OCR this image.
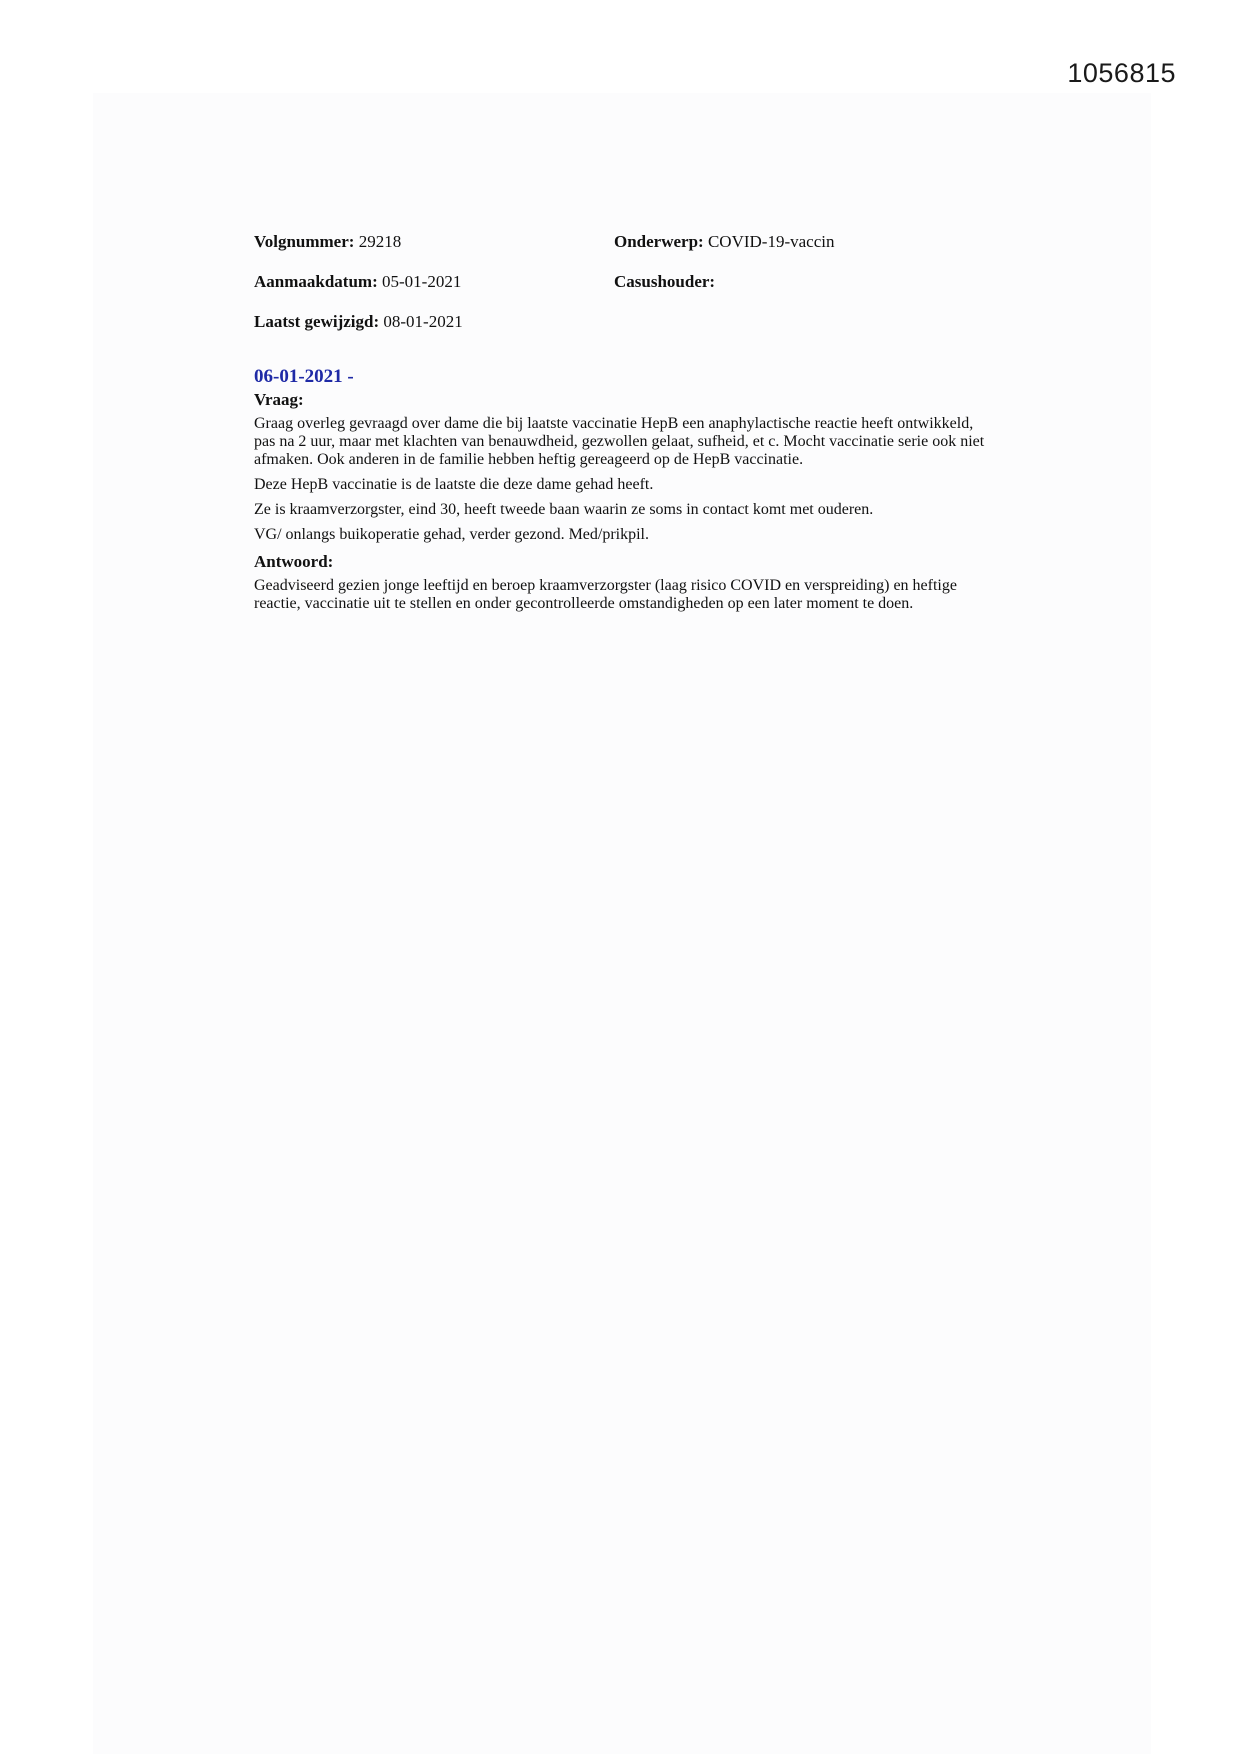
1056815
Volgnummer: 29218	Onderwerp: COVID-19-vaccin
Aanmaakdatum: 05-01-2021	Casushouder:
Laatst gewijzigd: 08-01-2021

06-01-2021 -

Vraag:

Graag overleg gevraagd over dame die bij laatste vaccinatie HepB een anaphylactische reactie heeft ontwikkeld, pas na 2 uur, maar met klachten van benauwdheid, gezwollen gelaat, sufheid, et c. Mocht vaccinatie serie ook niet afmaken. Ook anderen in de familie hebben heftig gereageerd op de HepB vaccinatie.

Deze HepB vaccinatie is de laatste die deze dame gehad heeft.

Ze is kraamverzorgster, eind 30, heeft tweede baan waarin ze soms in contact komt met ouderen.

VG/ onlangs buikoperatie gehad, verder gezond. Med/prikpil.

Antwoord:

Geadviseerd gezien jonge leeftijd en beroep kraamverzorgster (laag risico COVID en verspreiding) en heftige reactie, vaccinatie uit te stellen en onder gecontrolleerde omstandigheden op een later moment te doen.
